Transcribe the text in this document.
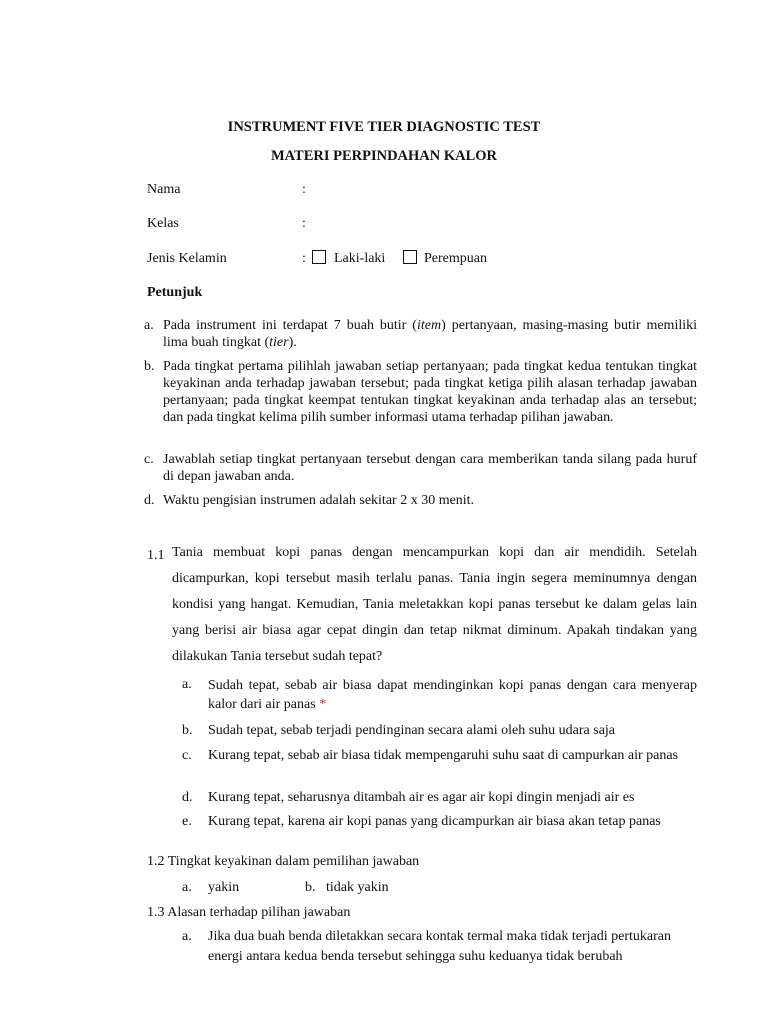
INSTRUMENT FIVE TIER DIAGNOSTIC TEST
MATERI PERPINDAHAN KALOR
Nama	:
Kelas	:
Jenis Kelamin	: Laki-laki	Perempuan
Petunjuk
a. Pada instrument ini terdapat 7 buah butir (item) pertanyaan, masing-masing butir memiliki lima buah tingkat (tier).
b. Pada tingkat pertama pilihlah jawaban setiap pertanyaan; pada tingkat kedua tentukan tingkat keyakinan anda terhadap jawaban tersebut; pada tingkat ketiga pilih alasan terhadap jawaban pertanyaan; pada tingkat keempat tentukan tingkat keyakinan anda terhadap alas an tersebut; dan pada tingkat kelima pilih sumber informasi utama terhadap pilihan jawaban.
c. Jawablah setiap tingkat pertanyaan tersebut dengan cara memberikan tanda silang pada huruf di depan jawaban anda.
d. Waktu pengisian instrumen adalah sekitar 2 x 30 menit.
1.1 Tania membuat kopi panas dengan mencampurkan kopi dan air mendidih. Setelah dicampurkan, kopi tersebut masih terlalu panas. Tania ingin segera meminumnya dengan kondisi yang hangat. Kemudian, Tania meletakkan kopi panas tersebut ke dalam gelas lain yang berisi air biasa agar cepat dingin dan tetap nikmat diminum. Apakah tindakan yang dilakukan Tania tersebut sudah tepat?
a. Sudah tepat, sebab air biasa dapat mendinginkan kopi panas dengan cara menyerap kalor dari air panas *
b. Sudah tepat, sebab terjadi pendinginan secara alami oleh suhu udara saja
c. Kurang tepat, sebab air biasa tidak mempengaruhi suhu saat di campurkan air panas
d. Kurang tepat, seharusnya ditambah air es agar air kopi dingin menjadi air es
e. Kurang tepat, karena air kopi panas yang dicampurkan air biasa akan tetap panas
1.2 Tingkat keyakinan dalam pemilihan jawaban
a. yakin	b. tidak yakin
1.3 Alasan terhadap pilihan jawaban
a. Jika dua buah benda diletakkan secara kontak termal maka tidak terjadi pertukaran energi antara kedua benda tersebut sehingga suhu keduanya tidak berubah
